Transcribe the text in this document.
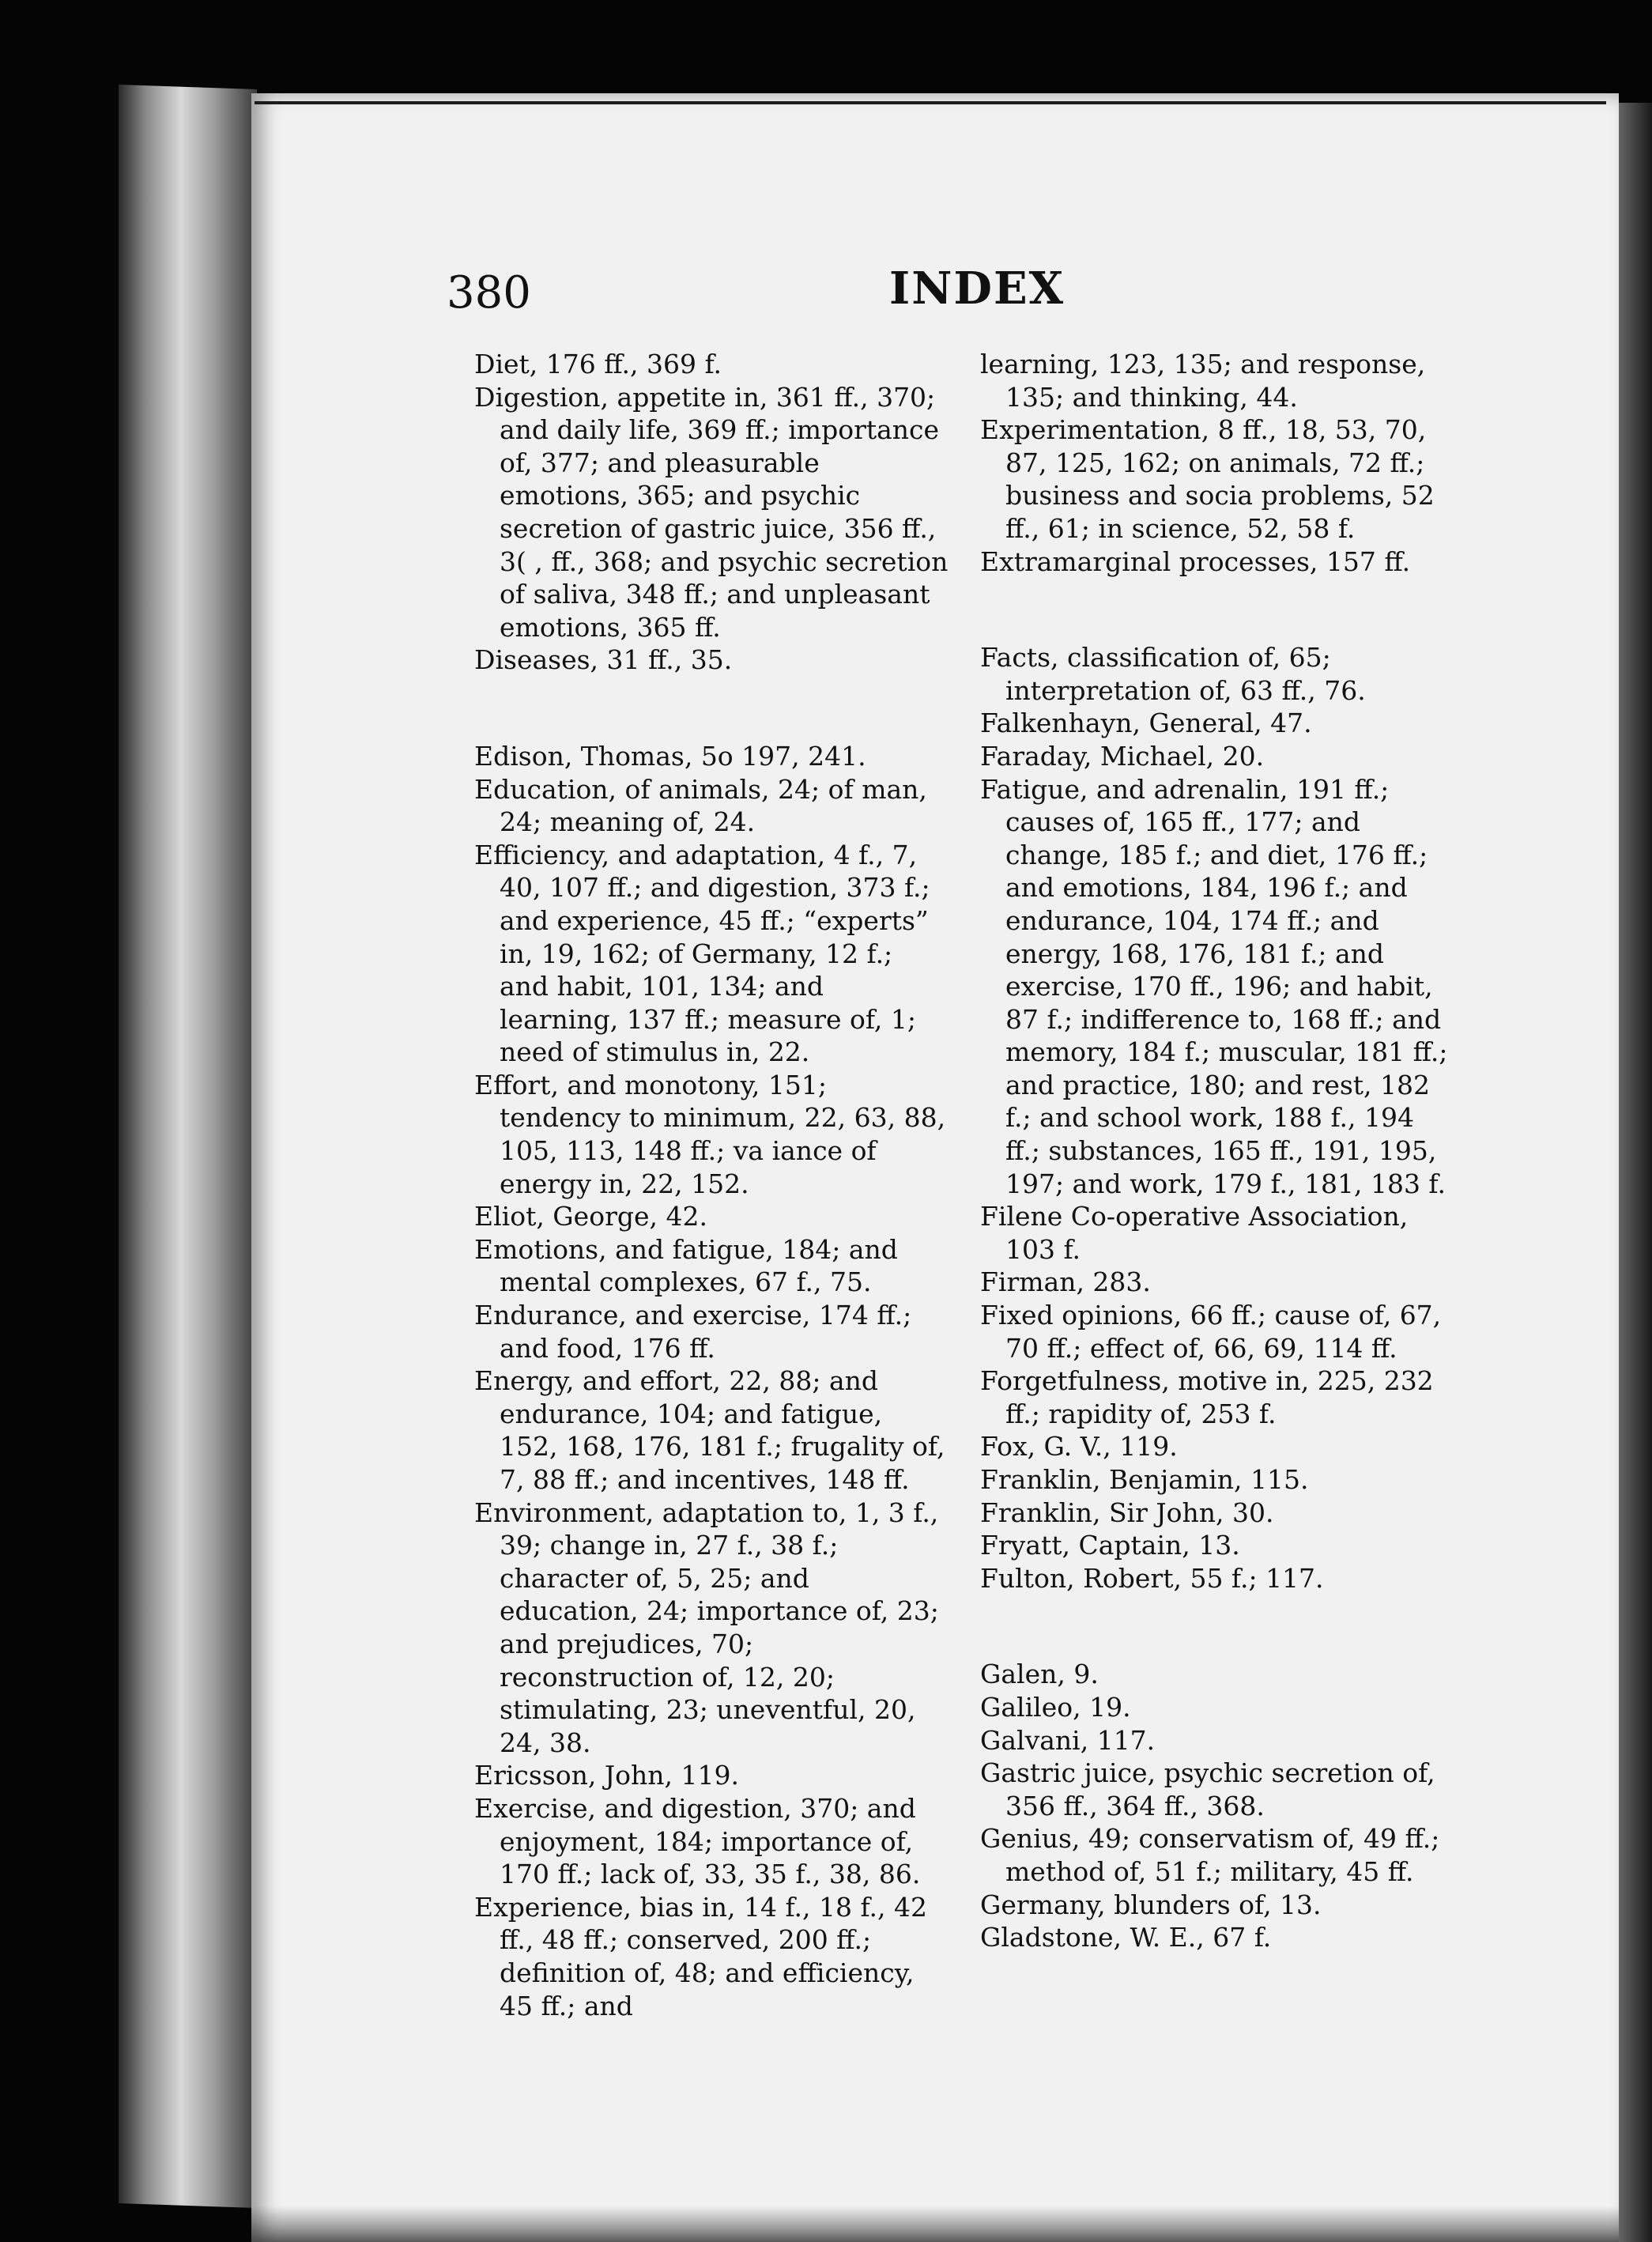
380	INDEX

Diet, 176 ff., 369 f.

Digestion, appetite in, 361 ff., 370; and daily life, 369 ff.; importance of, 377; and pleasurable emotions, 365; and psychic secretion of gastric juice, 356 ff., 3( , ff., 368; and psychic secretion of saliva, 348 ff.; and unpleasant emotions, 365 ff.

Diseases, 31 ff., 35.

Edison, Thomas, 5o 197, 241.

Education, of animals, 24; of man, 24; meaning of, 24.

Efficiency, and adaptation, 4 f., 7, 40, 107 ff.; and digestion, 373 f.; and experience, 45 ff.; “experts” in, 19, 162; of Germany, 12 f.; and habit, 101, 134; and learning, 137 ff.; measure of, 1; need of stimulus in, 22.

Effort, and monotony, 151; tendency to minimum, 22, 63, 88, 105, 113, 148 ff.; va iance of energy in, 22, 152.

Eliot, George, 42.

Emotions, and fatigue, 184; and mental complexes, 67 f., 75.

Endurance, and exercise, 174 ff.; and food, 176 ff.

Energy, and effort, 22, 88; and endurance, 104; and fatigue, 152, 168, 176, 181 f.; frugality of, 7, 88 ff.; and incentives, 148 ff.

Environment, adaptation to, 1, 3 f., 39; change in, 27 f., 38 f.; character of, 5, 25; and education, 24; importance of, 23; and prejudices, 70; reconstruction of, 12, 20; stimulating, 23; uneventful, 20, 24, 38.

Ericsson, John, 119.

Exercise, and digestion, 370; and enjoyment, 184; importance of, 170 ff.; lack of, 33, 35 f., 38, 86.

Experience, bias in, 14 f., 18 f., 42 ff., 48 ff.; conserved, 200 ff.; definition of, 48; and efficiency, 45 ff.; and

learning, 123, 135; and response, 135; and thinking, 44.

Experimentation, 8 ff., 18, 53, 70, 87, 125, 162; on animals, 72 ff.; business and socia problems, 52 ff., 61; in science, 52, 58 f.

Extramarginal processes, 157 ff.

Facts, classification of, 65; interpretation of, 63 ff., 76.

Falkenhayn, General, 47.

Faraday, Michael, 20.

Fatigue, and adrenalin, 191 ff.; causes of, 165 ff., 177; and change, 185 f.; and diet, 176 ff.; and emotions, 184, 196 f.; and endurance, 104, 174 ff.; and energy, 168, 176, 181 f.; and exercise, 170 ff., 196; and habit, 87 f.; indifference to, 168 ff.; and memory, 184 f.; muscular, 181 ff.; and practice, 180; and rest, 182 f.; and school work, 188 f., 194 ff.; substances, 165 ff., 191, 195, 197; and work, 179 f., 181, 183 f.

Filene Co-operative Association, 103 f.

Firman, 283.

Fixed opinions, 66 ff.; cause of, 67, 70 ff.; effect of, 66, 69, 114 ff.

Forgetfulness, motive in, 225, 232 ff.; rapidity of, 253 f.

Fox, G. V., 119.

Franklin, Benjamin, 115.

Franklin, Sir John, 30.

Fryatt, Captain, 13.

Fulton, Robert, 55 f.; 117.

Galen, 9.

Galileo, 19.

Galvani, 117.

Gastric juice, psychic secretion of, 356 ff., 364 ff., 368.

Genius, 49; conservatism of, 49 ff.; method of, 51 f.; military, 45 ff.

Germany, blunders of, 13.

Gladstone, W. E., 67 f.
